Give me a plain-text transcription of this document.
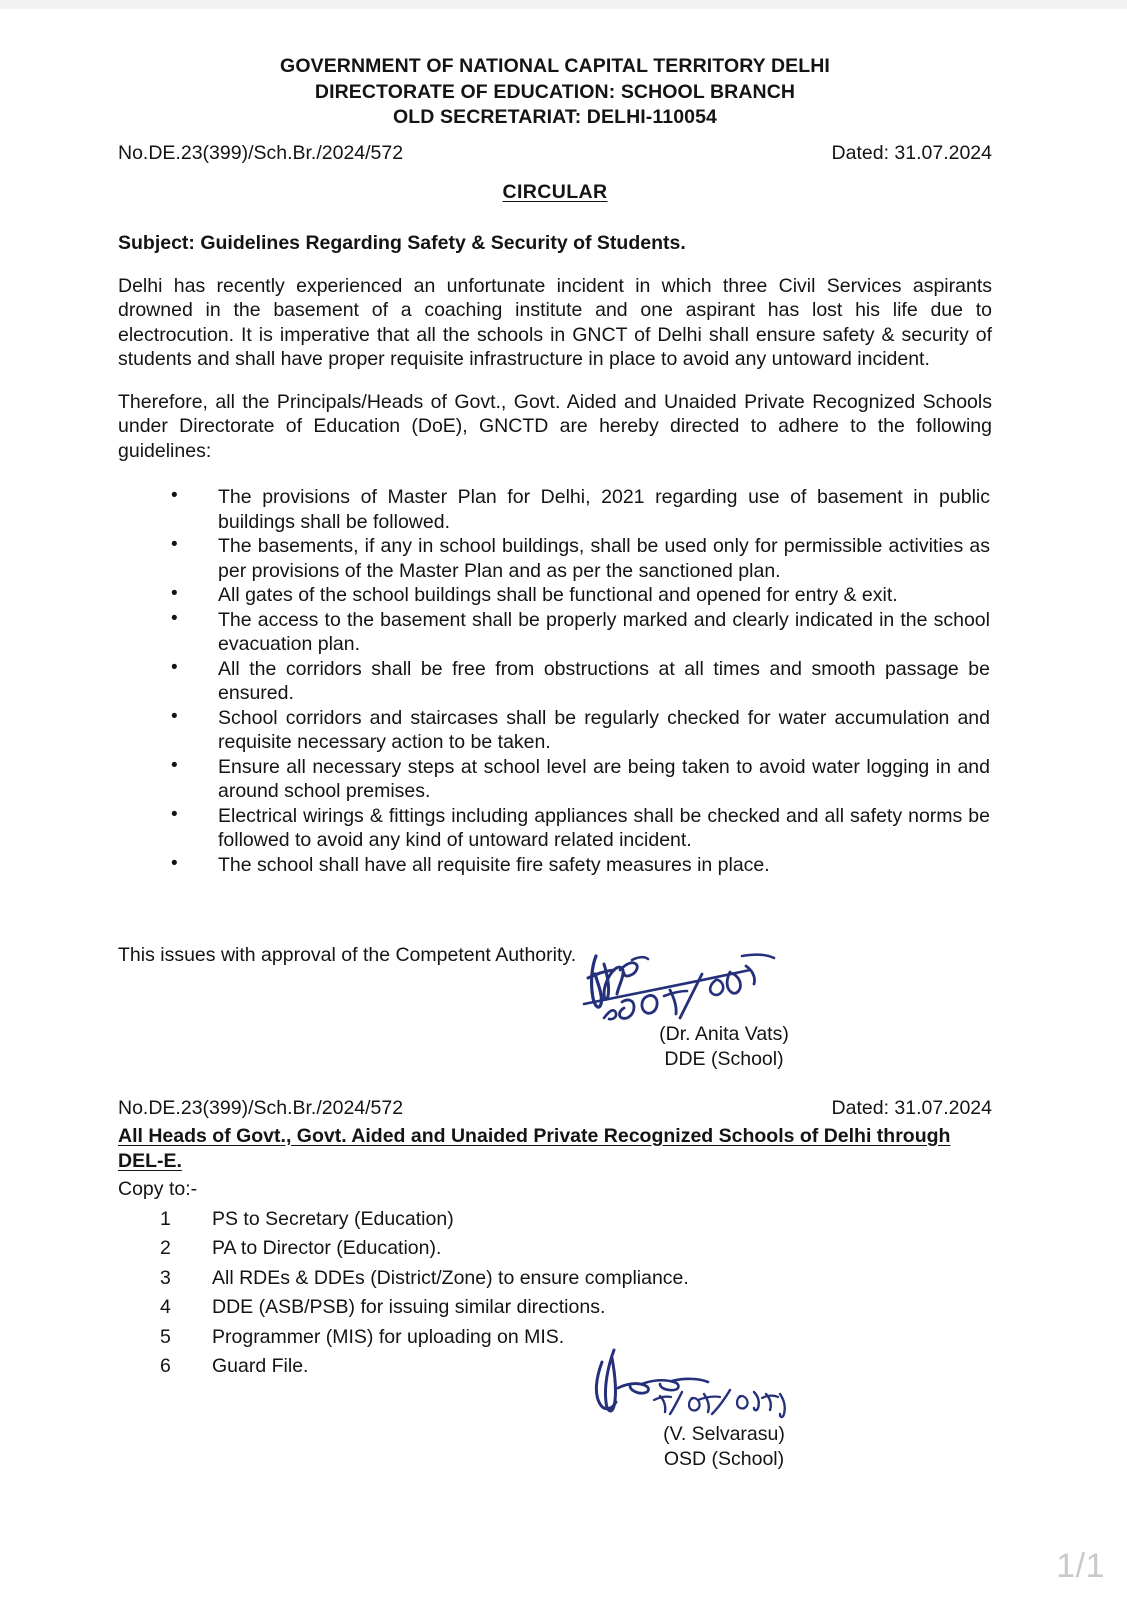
GOVERNMENT OF NATIONAL CAPITAL TERRITORY DELHI
DIRECTORATE OF EDUCATION: SCHOOL BRANCH
OLD SECRETARIAT: DELHI-110054
No.DE.23(399)/Sch.Br./2024/572	Dated: 31.07.2024
CIRCULAR
Subject: Guidelines Regarding Safety & Security of Students.

Delhi has recently experienced an unfortunate incident in which three Civil Services aspirants drowned in the basement of a coaching institute and one aspirant has lost his life due to electrocution. It is imperative that all the schools in GNCT of Delhi shall ensure safety & security of students and shall have proper requisite infrastructure in place to avoid any untoward incident.

Therefore, all the Principals/Heads of Govt., Govt. Aided and Unaided Private Recognized Schools under Directorate of Education (DoE), GNCTD are hereby directed to adhere to the following guidelines:

• The provisions of Master Plan for Delhi, 2021 regarding use of basement in public buildings shall be followed.
• The basements, if any in school buildings, shall be used only for permissible activities as per provisions of the Master Plan and as per the sanctioned plan.
• All gates of the school buildings shall be functional and opened for entry & exit.
• The access to the basement shall be properly marked and clearly indicated in the school evacuation plan.
• All the corridors shall be free from obstructions at all times and smooth passage be ensured.
• School corridors and staircases shall be regularly checked for water accumulation and requisite necessary action to be taken.
• Ensure all necessary steps at school level are being taken to avoid water logging in and around school premises.
• Electrical wirings & fittings including appliances shall be checked and all safety norms be followed to avoid any kind of untoward related incident.
• The school shall have all requisite fire safety measures in place.
This issues with approval of the Competent Authority.
No.DE.23(399)/Sch.Br./2024/572	Dated: 31.07.2024
All Heads of Govt., Govt. Aided and Unaided Private Recognized Schools of Delhi through DEL-E.
Copy to:-
1 PS to Secretary (Education)
2 PA to Director (Education).
3 All RDEs & DDEs (District/Zone) to ensure compliance.
4 DDE (ASB/PSB) for issuing similar directions.
5 Programmer (MIS) for uploading on MIS.
6 Guard File.
(Dr. Anita Vats)
DDE (School)
(V. Selvarasu)
OSD (School)
1/1
